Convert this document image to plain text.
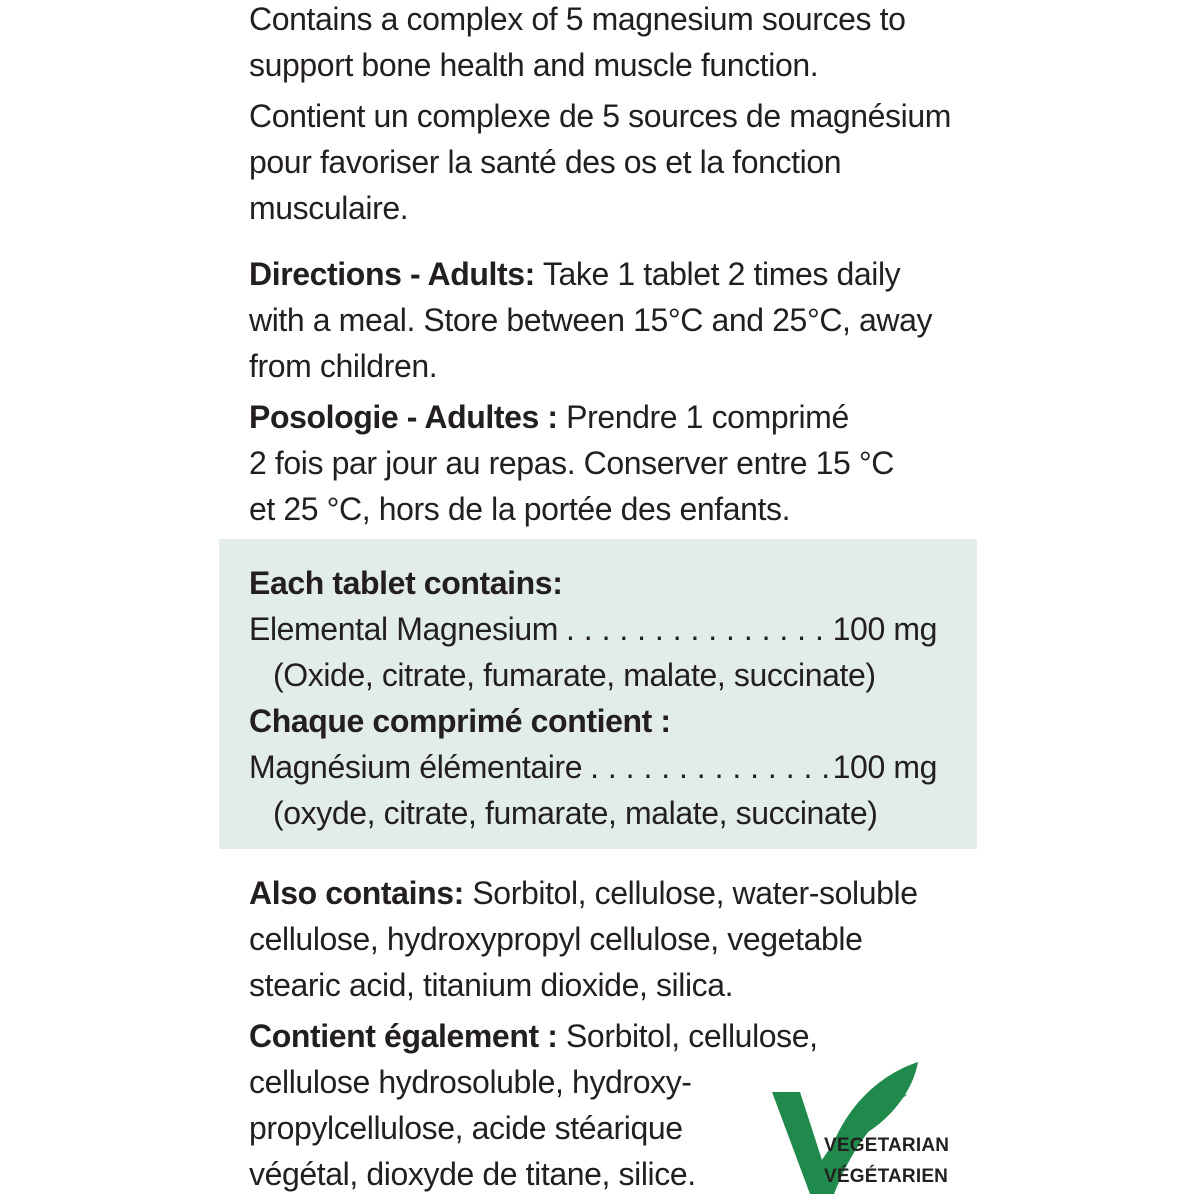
Contains a complex of 5 magnesium sources to
support bone health and muscle function.
Contient un complexe de 5 sources de magnésium
pour favoriser la santé des os et la fonction
musculaire.
Directions - Adults: Take 1 tablet 2 times daily
with a meal. Store between 15°C and 25°C, away
from children.
Posologie - Adultes : Prendre 1 comprimé
2 fois par jour au repas. Conserver entre 15 °C
et 25 °C, hors de la portée des enfants.
Each tablet contains:
Elemental Magnesium . . .	100 mg
(Oxide, citrate, fumarate, malate, succinate)
Chaque comprimé contient :
Magnésium élémentaire . . .	100 mg
(oxyde, citrate, fumarate, malate, succinate)
Also contains: Sorbitol, cellulose, water-soluble
cellulose, hydroxypropyl cellulose, vegetable
stearic acid, titanium dioxide, silica.
Contient également : Sorbitol, cellulose,
cellulose hydrosoluble, hydroxy-
propylcellulose, acide stéarique
végétal, dioxyde de titane, silice.
VEGETARIAN
VÉGÉTARIEN
